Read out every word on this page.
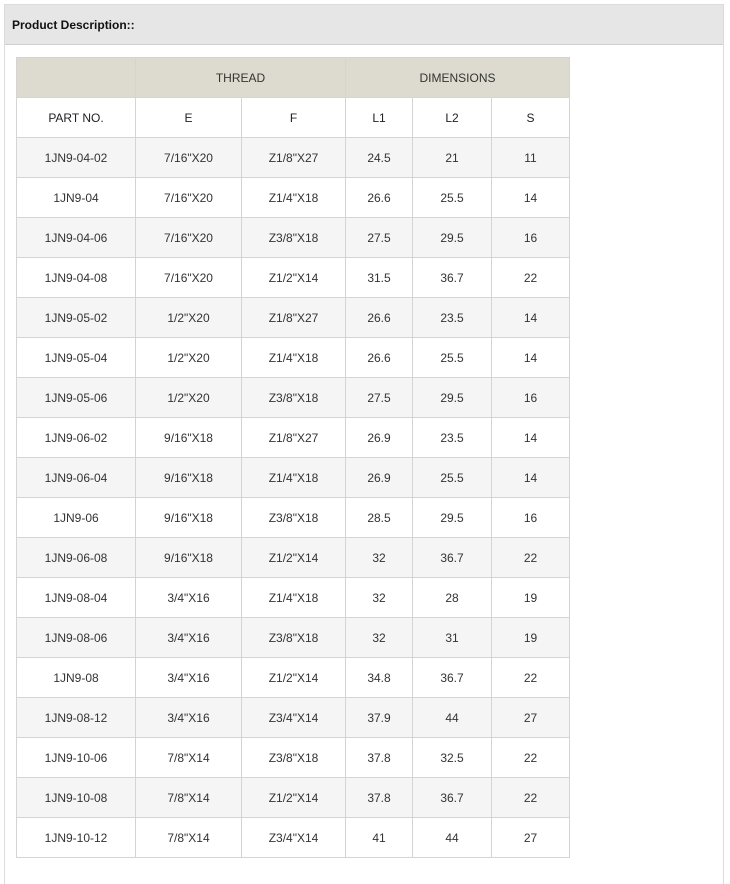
Product Description::
	THREAD		DIMENSIONS		
PART NO.	E	F	L1	L2	S
1JN9-04-02	7/16"X20	Z1/8"X27	24.5	21	11
1JN9-04	7/16"X20	Z1/4"X18	26.6	25.5	14
1JN9-04-06	7/16"X20	Z3/8"X18	27.5	29.5	16
1JN9-04-08	7/16"X20	Z1/2"X14	31.5	36.7	22
1JN9-05-02	1/2"X20	Z1/8"X27	26.6	23.5	14
1JN9-05-04	1/2"X20	Z1/4"X18	26.6	25.5	14
1JN9-05-06	1/2"X20	Z3/8"X18	27.5	29.5	16
1JN9-06-02	9/16"X18	Z1/8"X27	26.9	23.5	14
1JN9-06-04	9/16"X18	Z1/4"X18	26.9	25.5	14
1JN9-06	9/16"X18	Z3/8"X18	28.5	29.5	16
1JN9-06-08	9/16"X18	Z1/2"X14	32	36.7	22
1JN9-08-04	3/4"X16	Z1/4"X18	32	28	19
1JN9-08-06	3/4"X16	Z3/8"X18	32	31	19
1JN9-08	3/4"X16	Z1/2"X14	34.8	36.7	22
1JN9-08-12	3/4"X16	Z3/4"X14	37.9	44	27
1JN9-10-06	7/8"X14	Z3/8"X18	37.8	32.5	22
1JN9-10-08	7/8"X14	Z1/2"X14	37.8	36.7	22
1JN9-10-12	7/8"X14	Z3/4"X14	41	44	27
